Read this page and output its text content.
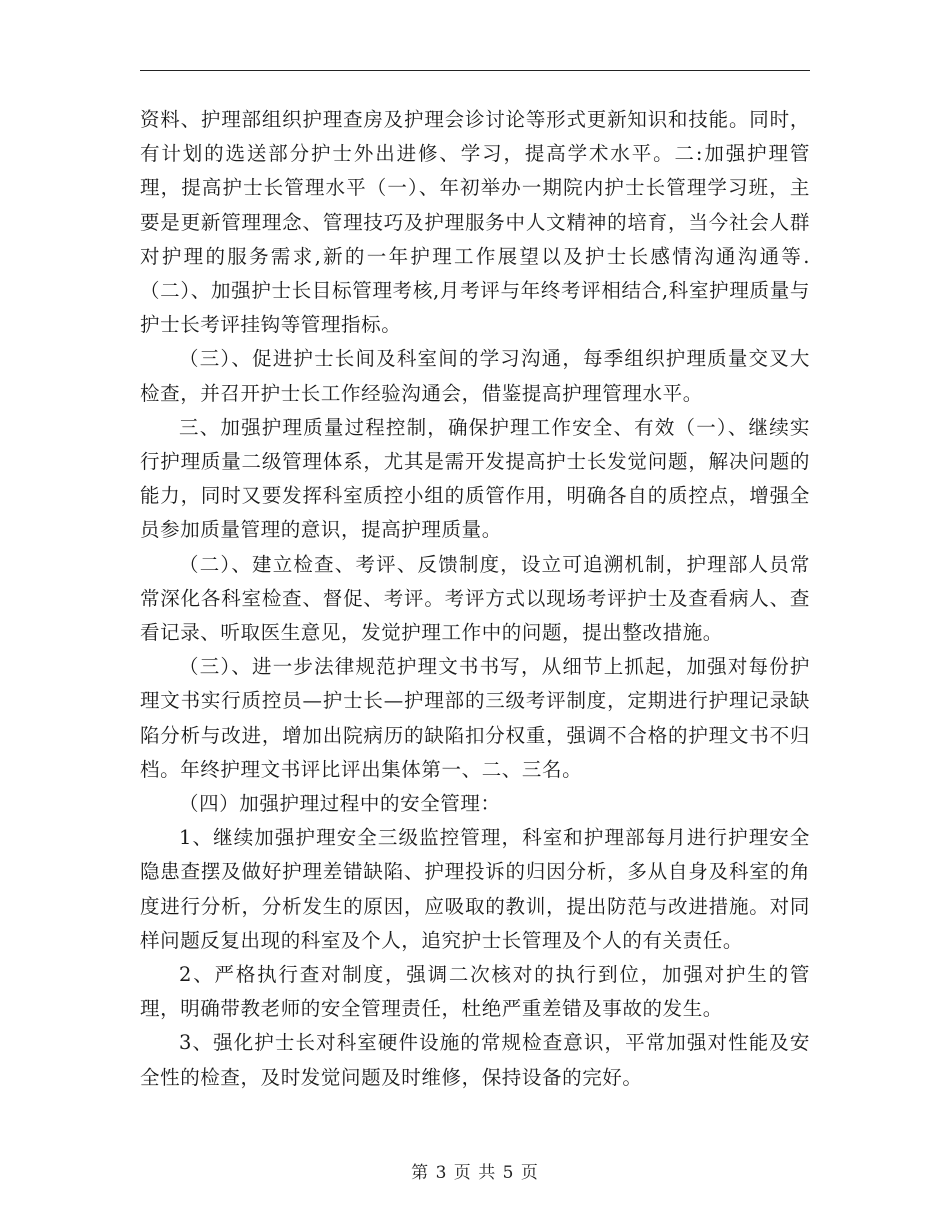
资料、护理部组织护理查房及护理会诊讨论等形式更新知识和技能。同时，有计划的选送部分护士外出进修、学习，提高学术水平。二:加强护理管理，提高护士长管理水平（一）、年初举办一期院内护士长管理学习班，主要是更新管理理念、管理技巧及护理服务中人文精神的培育，当今社会人群对护理的服务需求,新的一年护理工作展望以及护士长感情沟通沟通等.（二）、加强护士长目标管理考核,月考评与年终考评相结合,科室护理质量与护士长考评挂钩等管理指标。

（三）、促进护士长间及科室间的学习沟通，每季组织护理质量交叉大检查，并召开护士长工作经验沟通会，借鉴提高护理管理水平。

三、加强护理质量过程控制，确保护理工作安全、有效（一）、继续实行护理质量二级管理体系，尤其是需开发提高护士长发觉问题，解决问题的能力，同时又要发挥科室质控小组的质管作用，明确各自的质控点，增强全员参加质量管理的意识，提高护理质量。

（二）、建立检查、考评、反馈制度，设立可追溯机制，护理部人员常常深化各科室检查、督促、考评。考评方式以现场考评护士及查看病人、查看记录、听取医生意见，发觉护理工作中的问题，提出整改措施。

（三）、进一步法律规范护理文书书写，从细节上抓起，加强对每份护理文书实行质控员—护士长—护理部的三级考评制度，定期进行护理记录缺陷分析与改进，增加出院病历的缺陷扣分权重，强调不合格的护理文书不归档。年终护理文书评比评出集体第一、二、三名。

（四）加强护理过程中的安全管理：

1、继续加强护理安全三级监控管理，科室和护理部每月进行护理安全隐患查摆及做好护理差错缺陷、护理投诉的归因分析，多从自身及科室的角度进行分析，分析发生的原因，应吸取的教训，提出防范与改进措施。对同样问题反复出现的科室及个人，追究护士长管理及个人的有关责任。

2、严格执行查对制度，强调二次核对的执行到位，加强对护生的管理，明确带教老师的安全管理责任，杜绝严重差错及事故的发生。

3、强化护士长对科室硬件设施的常规检查意识，平常加强对性能及安全性的检查，及时发觉问题及时维修，保持设备的完好。

第 3 页 共 5 页
